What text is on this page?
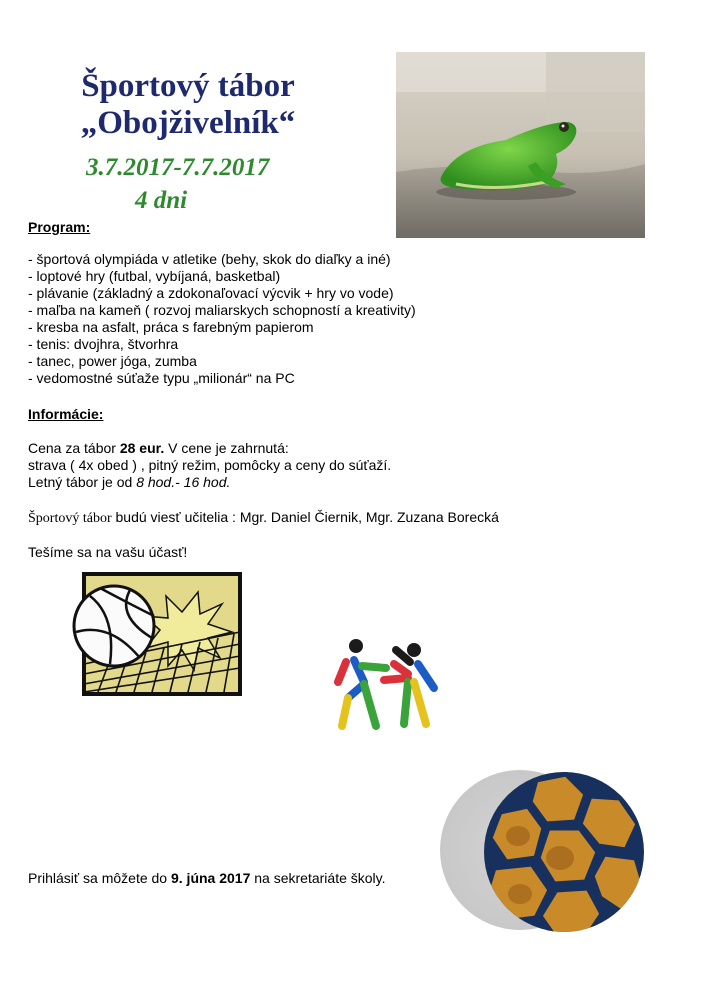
Športový tábor
„Obojživelník“
3.7.2017-7.7.2017
4 dni
Program:
- športová olympiáda v atletike (behy, skok do diaľky a iné)
- loptové hry (futbal, vybíjaná, basketbal)
- plávanie (základný a zdokonaľovací výcvik + hry vo vode)
- maľba na kameň ( rozvoj maliarskych schopností a kreativity)
- kresba na asfalt, práca s farebným papierom
- tenis: dvojhra, štvorhra
- tanec, power jóga, zumba
- vedomostné súťaže typu „milionár“ na PC
Informácie:
Cena za tábor 28 eur. V cene je zahrnutá:
strava ( 4x obed ) , pitný režim, pomôcky a ceny do súťaží.
Letný tábor je od 8 hod.- 16 hod.
Športový tábor budú viesť učitelia : Mgr. Daniel Čiernik, Mgr. Zuzana Borecká
Tešíme sa na vašu účasť!
Prihlásiť sa môžete do 9. júna 2017 na sekretariáte školy.
